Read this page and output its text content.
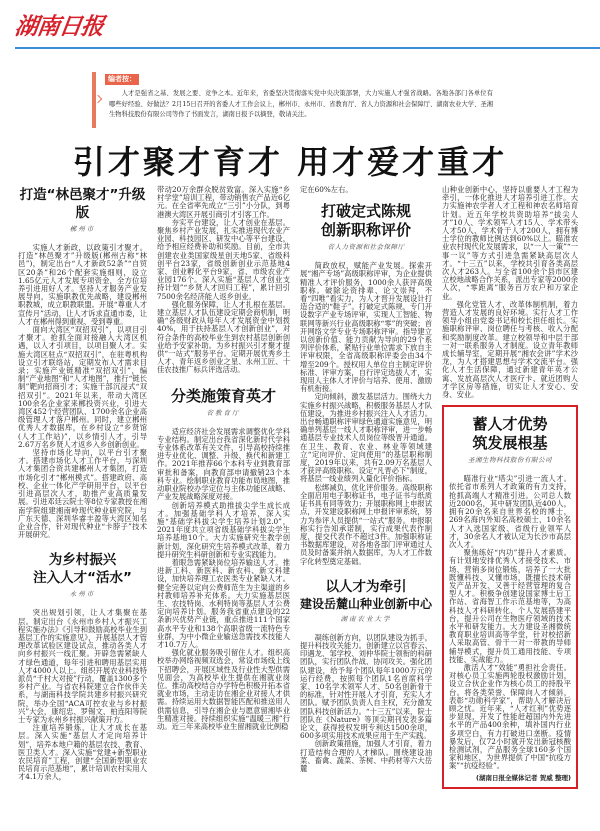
湖南日报
编者按：
人才是强省之基、发展之要、竞争之本。近年来，省委坚决贯彻落实党中央决策部署，大力实施人才强省战略。各地各部门各单位有哪些好经验、好做法？2月15日召开的省委人才工作会议上，郴州市、永州市、省教育厅、省人力资源和社会保障厅、湖南农业大学、圣湘生物科技股份有限公司等作了书面发言，湖南日报予以摘登，敬请关注。
引才聚才育才 用才爱才重才
打造“林邑聚才”升级版
郴州市

实施人才新政，以政策引才聚才。打造“林邑聚才”升级版(郴州古称“林邑”)，制定出台“人才新政52条”“自贸区20条”和26个配套实施细则，设立1.65亿元人才发展专项资金，全方位培养引进用好人才。坚持人才服务产业发展导向，实施职教优先战略，建设郴州职教城，成立职教联盟。开展“尊重人才宣传月”活动，让人才诉求直通市委，让人才在郴州得到重视、受到尊重。

面向大湾区“双招双引”，以项目引才聚才。抢抓全面对接融入大湾区机遇，以人才引项目，以项目聚人才。实施大湾区驻点“双招双引”，在驻粤机构设立引才联络站，定期发布人才需求目录；实施产业链精准“双招双引”，编制“产业地图”和“人才地图”，推行“链长制”靶向招商引才；实施干部沉浸式“双招双引”。2021年以来，带动大湾区100余名企业家来郴投资兴业，引进大湾区452个经营团队、1700余名企业高级管理人才落户郴州。同时，建立郴州优秀人才数据库，在乡村设立“乡贤馆(人才工作站)”，以乡情引人才，引导2.67万名乡贤人才返乡入乡创新创业。

坚持市场化导向，以平台引才聚才。搭建市场化人才工作平台，与深圳人才集团合资共建郴州人才集团，打造市场化引才“郴州模式”。搭建政府、高校、企业一体化产学研用平台，以平台引进高层次人才，助推产业高质量发展。引进邓廷云院士等8位专家教授在湘南学院组建湘南岭现代种业研究院，与广东天德、深圳华睿丰盈等大湾区知名企业合作，针对现代种业“卡脖子”技术开展研究。

为乡村振兴
注入人才“活水”
永州市

突出规划引领，让人才集聚在基层。制定出台《永州市乡村人才振兴工程实施办法》《引导和鼓励高校毕业生到基层工作的实施意见》，开展基层人才管理改革试验区建设试点，推动各类人才向乡村振兴一线汇聚。开辟急需紧缺人才绿色通道，每年引进和聘用基层实用人才4000人以上。组织开展农业科技特派员“千村大对接”行动，覆盖1300多个乡村产业。与省农科院建立合作伙伴关系，与湖南科技学院共建乡村振兴研究院，举办全国“ACA可控农业与乡村振兴”大会，康绍忠、罗锡文、柏连阳等院士专家为永州乡村振兴献策开方。

注重培养锻炼，让人才成长在基层。深入实施“基层人才定向培养计划”，培养本地户籍的基层农技、教育、医卫类人才。深入实施“党建+新型职业农民培育”工程，创建“全国新型职业农民培育示范基地”，累计培训农村实用人才4.1万余人，

带动20万余群众脱贫致富。深入实施“乡村学堂”培训工程，带动销售农产品近6亿元。在全省率先成立“三引”小分队，到粤港澳大湾区开展引商引才引客工作。

夯实平台建设，让人才创业在基层。聚焦乡村产业发展，扎实推进现代农业产业园、科技园区、研发中心等平台建设，给予相应经费补助和奖励。目前，全市共创建农业类国家级星创天地5家、省级科创平台23家，省级创新创业示范基地4家、创业孵化平台9家，省、市级农业产业园176个。深入实施“基层人才创业支持计划”“乡贤人才回归工程”，累计回引7500余名经济能人返乡创业。

强化服务保障，让人才扎根在基层。建立基层人才队伍建设定期会商机制，明确“各级财政从每年人才发展资金中划拨40%，用于扶持基层人才创新创业”，对符合条件的高校毕业生到农村基层创新创业给予安家补助。为乡村振兴引才聚才提供“一站式”服务平台。定期开展优秀乡土人才、青年返乡创业之星、永州工匠、十佳农技推广标兵评选活动。

分类施策育英才
省教育厅

适应经济社会发展需求调整优化学科专业结构。制定出台我省深化新时代学科专业体系改革有关文件，引导高校持续推进专业优化、调整、升级、换代和新建工作。2021年推荐66个本科专业到教育部审批和备案，向教育部申请撤销23个本科专业。绘制职业教育功能布局地图，推动职业院校办学定位与主体功能区战略、产业发展战略深度对接。

创新培养模式助推拔尖学生成长成才。加强基础学科人才培养，深入实施“基础学科拔尖学生培养计划2.0”，2021年度共立项省级基础学科拔尖学生培养基地10个。大力实施研究生教学创新计划，深化研究生培养模式改革，着力提升研究生科研创新和专业实践能力。

着眼急需紧缺岗位培养输送人才。推进新工科、新医科、新农科、新文科建设，加快培养理工农医类专业紧缺人才。健全完善以定向公费师范生为主渠道的乡村教师培养补充体系。大力实施基层医生、农技特岗、水利特岗等基层人才公费定向培养计划。服务我省重点建设的22条新兴优势产业链，重点推进111个国家高水平专业和138个高职省级一流特色专业群，为中小微企业输送急需技术技能人才10.7万人。

强化就业服务吸引留住人才。组织高校举办网络视频双选会，常设市场线上线下招聘会，开展区域性及行业性大型供需见面会，为高校毕业生提供在湘就业岗位。推动高校结合办学特色积极开拓本省就业市场，主动走访在湘企业对接人才供需。持续运用大数据智能匹配和推送用人供需信息，引导在湘企业与愿意留湘毕业生精准对接。持续组织实施“温暖三湘”行动。近三年来高校毕业生留湘就业比例稳

定在60%左右。

打破定式陈规
创新职称评价
省人力资源和社会保障厅

简政放权，赋能产业发展。探索开展“湘产专场”高级职称评审，为企业提供精准人才评价服务，1000余人获评高级职称。破除论资排辈、论文崇拜，不看“四唯”看实力，为人才晋升发展设计打造合适的“鞋子”。打破定式陈规，专门开设数字产业专场评审，实现人工智能、物联网等新兴行业高级职称“零”的突破；首开网络文学专业专场职称评审。指导建立以创新价值、能力贡献为导向的29个系列评价体系，紧贴行业单位需求下放自主评审权限，全省高级职称评委会由34个增至209个。授权用人单位自主制定评价标准、评审方案，自行评定选拔人才，实现用人主体人才评价与培养、使用、激励有机衔接。

定向倾斜，激发基层活力。围绕大力实施乡村振兴战略，积极服务基层人才队伍建设，为推进乡村振兴注入人才活力。出台畅通职称评审绿色通道实施意见，明确单列基层一线人才职称评审，进一步畅通基层专业技术人员岗位等级晋升通道。在卫生、教育、农业、林业等领域建立“定向评价、定向使用”的基层职称制度，2019年以来，共有2.09万名基层人才获评高级职称。设定“凡晋必下”制度，将基层一线业绩列入量化评价指标。

松绑减负，优化评价服务。高级职称全面启用电子职称证书，电子证书与纸质证书具有同等效力；开展职称网上申报试点，开发建设职称网上申报评审系统，努力为参评人员提供“一站式”服务。申报职称实行告知承诺制，实行成果代表作制度，提交代表作不超过3件。加强职称证书数据库建设，对各地各部门评审通过人员及时备案并纳入数据库，为人才工作数字化转型奠定基础。

以人才为牵引
建设岳麓山种业创新中心
湖南农业大学

凝练创新方向，以团队建设为抓手，提升科技攻关能力。创新建立以官春云、印遇龙、邹学校、刘仲华院士领衔的科研团队，实行团队作战、协同攻关。强化团队建设，给予每个团队每年1000万元的运行经费，按照每个团队1名首席科学家、10名学术领军人才、50名创新骨干的标准，针对性开展人才引育，充实人才团队。赋予团队负责人自主权，充分激发团队科技创新活力。“十三五”以来，院士团队在《Nature》等顶尖期刊发表多篇论文，获得授权发明专利达1500余项，600多项实用技术成果应用于生产实践。

创新政策措施，加强人才引育，着力打造结构合理的人才梯队。围绕建设油菜、畜禽、蔬菜、茶树、中药材等六大岳麓

山种业创新中心，坚持以重要人才工程为牵引，一体化推进人才培养引进工作。大力实施神农学者人才工程和神农名师培育计划。近五年学校共资助培养“拔尖人才”10人、学术领军人才15人、学术带头人才50人、学术骨干人才200人，拥有博士学位的教师比例达到60%以上。瞄准农业农村现代化发展需求，以“一人一策”“一事一议”等方式引进急需紧缺高层次人才。“十三五”以来，学校共引育各类高层次人才263人。与全省100余个县市区建立校地战略合作关系，派出专家等2000余人次，“零距离”服务百万农户和万家企业。

强化党管人才，改革体制机制，着力营造人才发展的良好环境。实行人才工作领导小组由党委书记和校长担任组长。实施职称评审、岗位聘任与考核、收入分配和奖励制度改革。建立校领导和中层干部一对一联系服务人才制度。设立青年教师成长辅导室，定期开展“湘农会讲”学术沙龙，为人才搭建思想与学术交流平台。强化人才生活保障，通过新建青年英才公寓、发放高层次人才医疗卡、就近团购人才学区房等措施，切实让人才安心、安身、安业。

蓄人才优势
筑发展根基
圣湘生物科技股份有限公司

瞄准行业“塔尖”引进一流人才。依托省市系列人才政策的有力支持，抢抓高端人才精准引进。公司总人数近2000名，其中研发团队近400人，拥有20余名来自世界名校的博士，269名海内外知名高校硕士，10余名人才入选国家级、省级行业领军人才，30余名人才被认定为长沙市高层次人才。

聚焦练好“内功”提升人才素质。有计划地安排优秀人才接受技术、市场、营销多岗位锻炼，培养了一大批既懂科技、又懂市场，既擅长技术研发产品开发、又善于经营管理的复合型人才。积极争创建设国家博士后工作站、省海智工作示范基地等，为高科技人才科研转化、个人发展搭建平台，提升公司在生物医疗领域的技术水平和研发能力。大力建设圣湘微统教育职业培训高等学堂，针对校招新人采取高管、骨干一对一带教的导师辅导模式，提升员工通用技能、专项技能、实战能力。

激活人才“效能”勇担社会责任。对核心员工实施两轮股权激励计划，设立合伙企业作为核心员工的持股平台。将各类荣誉、保障向人才倾斜，表彰“功勋科学家”，帮助人才解决后顾之忧。近年来，“人才红利”优势逐步显现，开发了性能赶超国内外先进水平的产品400余种，填补国内行业多项空白，有力打破进口垄断。疫情暴发后，仅72小时就开发出新冠核酸检测试剂，产品服务全球160多个国家和地区，为世界提供了中国“抗疫方案”“抗疫经验”。

(湖南日报全媒体记者 贺威 整理)
